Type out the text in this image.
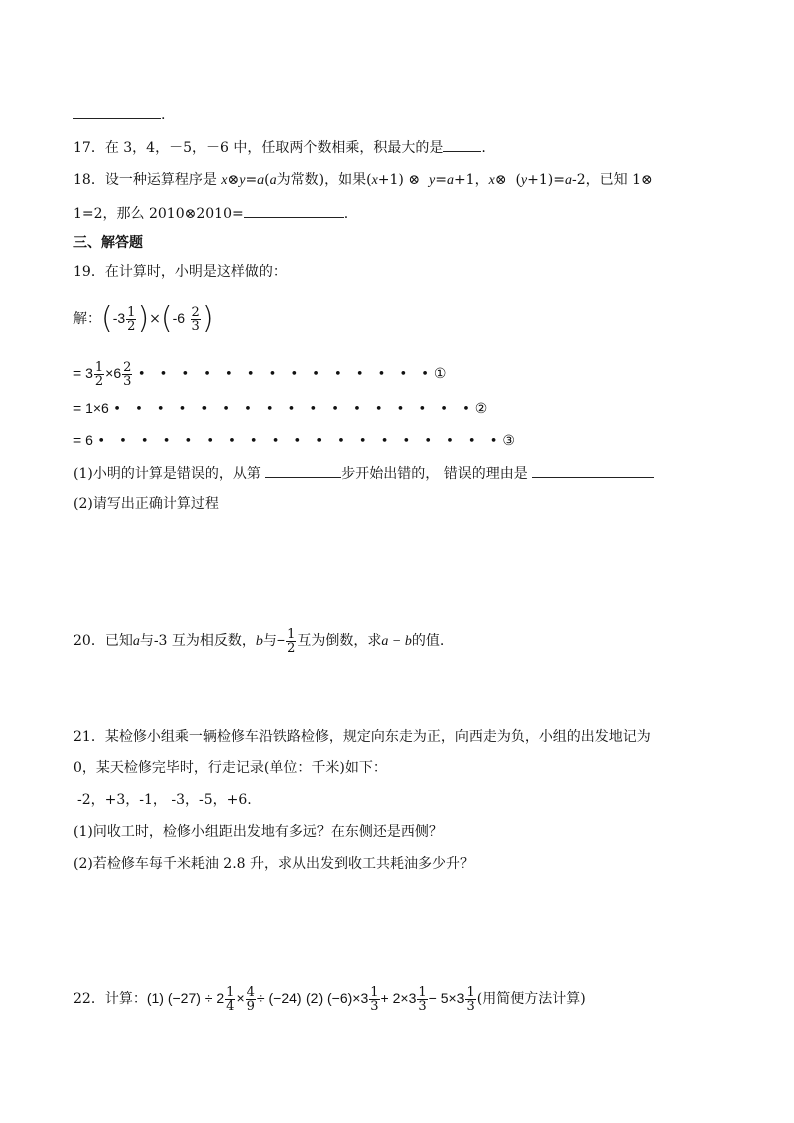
.
17．在 3，4，－5，－6 中，任取两个数相乘，积最大的是	.
18．设一种运算程序是 x⊗y=a(a为常数)，如果(x+1) ⊗ y=a+1，x⊗ (y+1)=a-2，已知 1⊗
1=2，那么 2010⊗2010=	.
三、解答题
19．在计算时，小明是这样做的：
解：$(-3 \frac{1}{2} )\times(-6 \frac{2}{3}$ )
= $3 \frac{1}{2} \times 6 \frac{2}{3}$ • • • • • • • • • • • • • •①
= 1×6 • • • • • • • • • • • • • • • • •②
= 6 • • • • • • • • • • • • • • • • • • •③
(1)小明的计算是错误的，从第	步开始出错的， 错误的理由是
(2)请写出正确计算过程
20．已知a与-3 互为相反数，b与− $\frac{1}{2}$ 互为倒数，求a − b的值.
21．某检修小组乘一辆检修车沿铁路检修，规定向东走为正，向西走为负，小组的出发地记为
0，某天检修完毕时，行走记录(单位：千米)如下：
-2，+3，-1， -3，-5，+6.
(1)问收工时，检修小组距出发地有多远？在东侧还是西侧？
(2)若检修车每千米耗油 2.8 升，求从出发到收工共耗油多少升？
22．计算：(1) $(-27) \div 2 \frac{1}{4} \times \frac{4}{9} \div (-24)$ (2) $(-6)\times 3 \frac{1}{3} + 2\times 3 \frac{1}{3} - 5\times 3 \frac{1}{3}$ (用简便方法计算)
